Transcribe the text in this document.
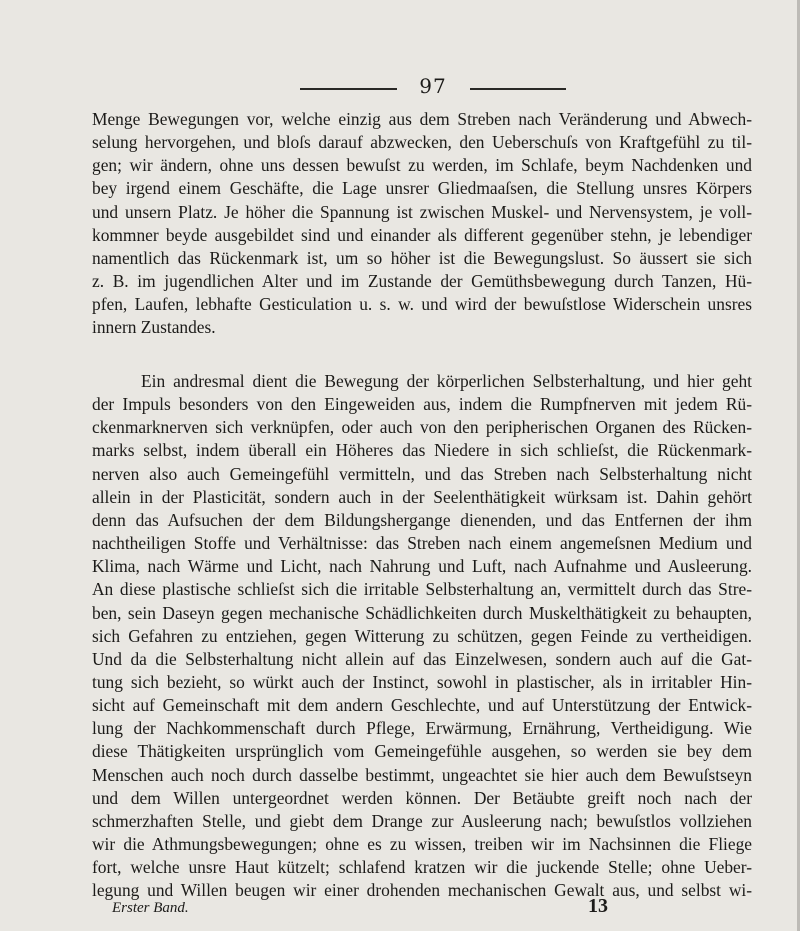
97
Menge Bewegungen vor, welche einzig aus dem Streben nach Veränderung und Abwech-
selung hervorgehen, und bloſs darauf abzwecken, den Ueberschuſs von Kraftgefühl zu til-
gen; wir ändern, ohne uns dessen bewuſst zu werden, im Schlafe, beym Nachdenken und
bey irgend einem Geschäfte, die Lage unsrer Gliedmaaſsen, die Stellung unsres Körpers
und unsern Platz. Je höher die Spannung ist zwischen Muskel- und Nervensystem, je voll-
kommner beyde ausgebildet sind und einander als different gegenüber stehn, je lebendiger
namentlich das Rückenmark ist, um so höher ist die Bewegungslust. So äussert sie sich
z. B. im jugendlichen Alter und im Zustande der Gemüthsbewegung durch Tanzen, Hü-
pfen, Laufen, lebhafte Gesticulation u. s. w. und wird der bewuſstlose Widerschein unsres
innern Zustandes.
Ein andresmal dient die Bewegung der körperlichen Selbsterhaltung, und hier geht
der Impuls besonders von den Eingeweiden aus, indem die Rumpfnerven mit jedem Rü-
ckenmarknerven sich verknüpfen, oder auch von den peripherischen Organen des Rücken-
marks selbst, indem überall ein Höheres das Niedere in sich schlieſst, die Rückenmark-
nerven also auch Gemeingefühl vermitteln, und das Streben nach Selbsterhaltung nicht
allein in der Plasticität, sondern auch in der Seelenthätigkeit würksam ist. Dahin gehört
denn das Aufsuchen der dem Bildungshergange dienenden, und das Entfernen der ihm
nachtheiligen Stoffe und Verhältnisse: das Streben nach einem angemeſsnen Medium und
Klima, nach Wärme und Licht, nach Nahrung und Luft, nach Aufnahme und Ausleerung.
An diese plastische schlieſst sich die irritable Selbsterhaltung an, vermittelt durch das Stre-
ben, sein Daseyn gegen mechanische Schädlichkeiten durch Muskelthätigkeit zu behaupten,
sich Gefahren zu entziehen, gegen Witterung zu schützen, gegen Feinde zu vertheidigen.
Und da die Selbsterhaltung nicht allein auf das Einzelwesen, sondern auch auf die Gat-
tung sich bezieht, so würkt auch der Instinct, sowohl in plastischer, als in irritabler Hin-
sicht auf Gemeinschaft mit dem andern Geschlechte, und auf Unterstützung der Entwick-
lung der Nachkommenschaft durch Pflege, Erwärmung, Ernährung, Vertheidigung. Wie
diese Thätigkeiten ursprünglich vom Gemeingefühle ausgehen, so werden sie bey dem
Menschen auch noch durch dasselbe bestimmt, ungeachtet sie hier auch dem Bewuſstseyn
und dem Willen untergeordnet werden können. Der Betäubte greift noch nach der
schmerzhaften Stelle, und giebt dem Drange zur Ausleerung nach; bewuſstlos vollziehen
wir die Athmungsbewegungen; ohne es zu wissen, treiben wir im Nachsinnen die Fliege
fort, welche unsre Haut kützelt; schlafend kratzen wir die juckende Stelle; ohne Ueber-
legung und Willen beugen wir einer drohenden mechanischen Gewalt aus, und selbst wi-
Erster Band.	13
